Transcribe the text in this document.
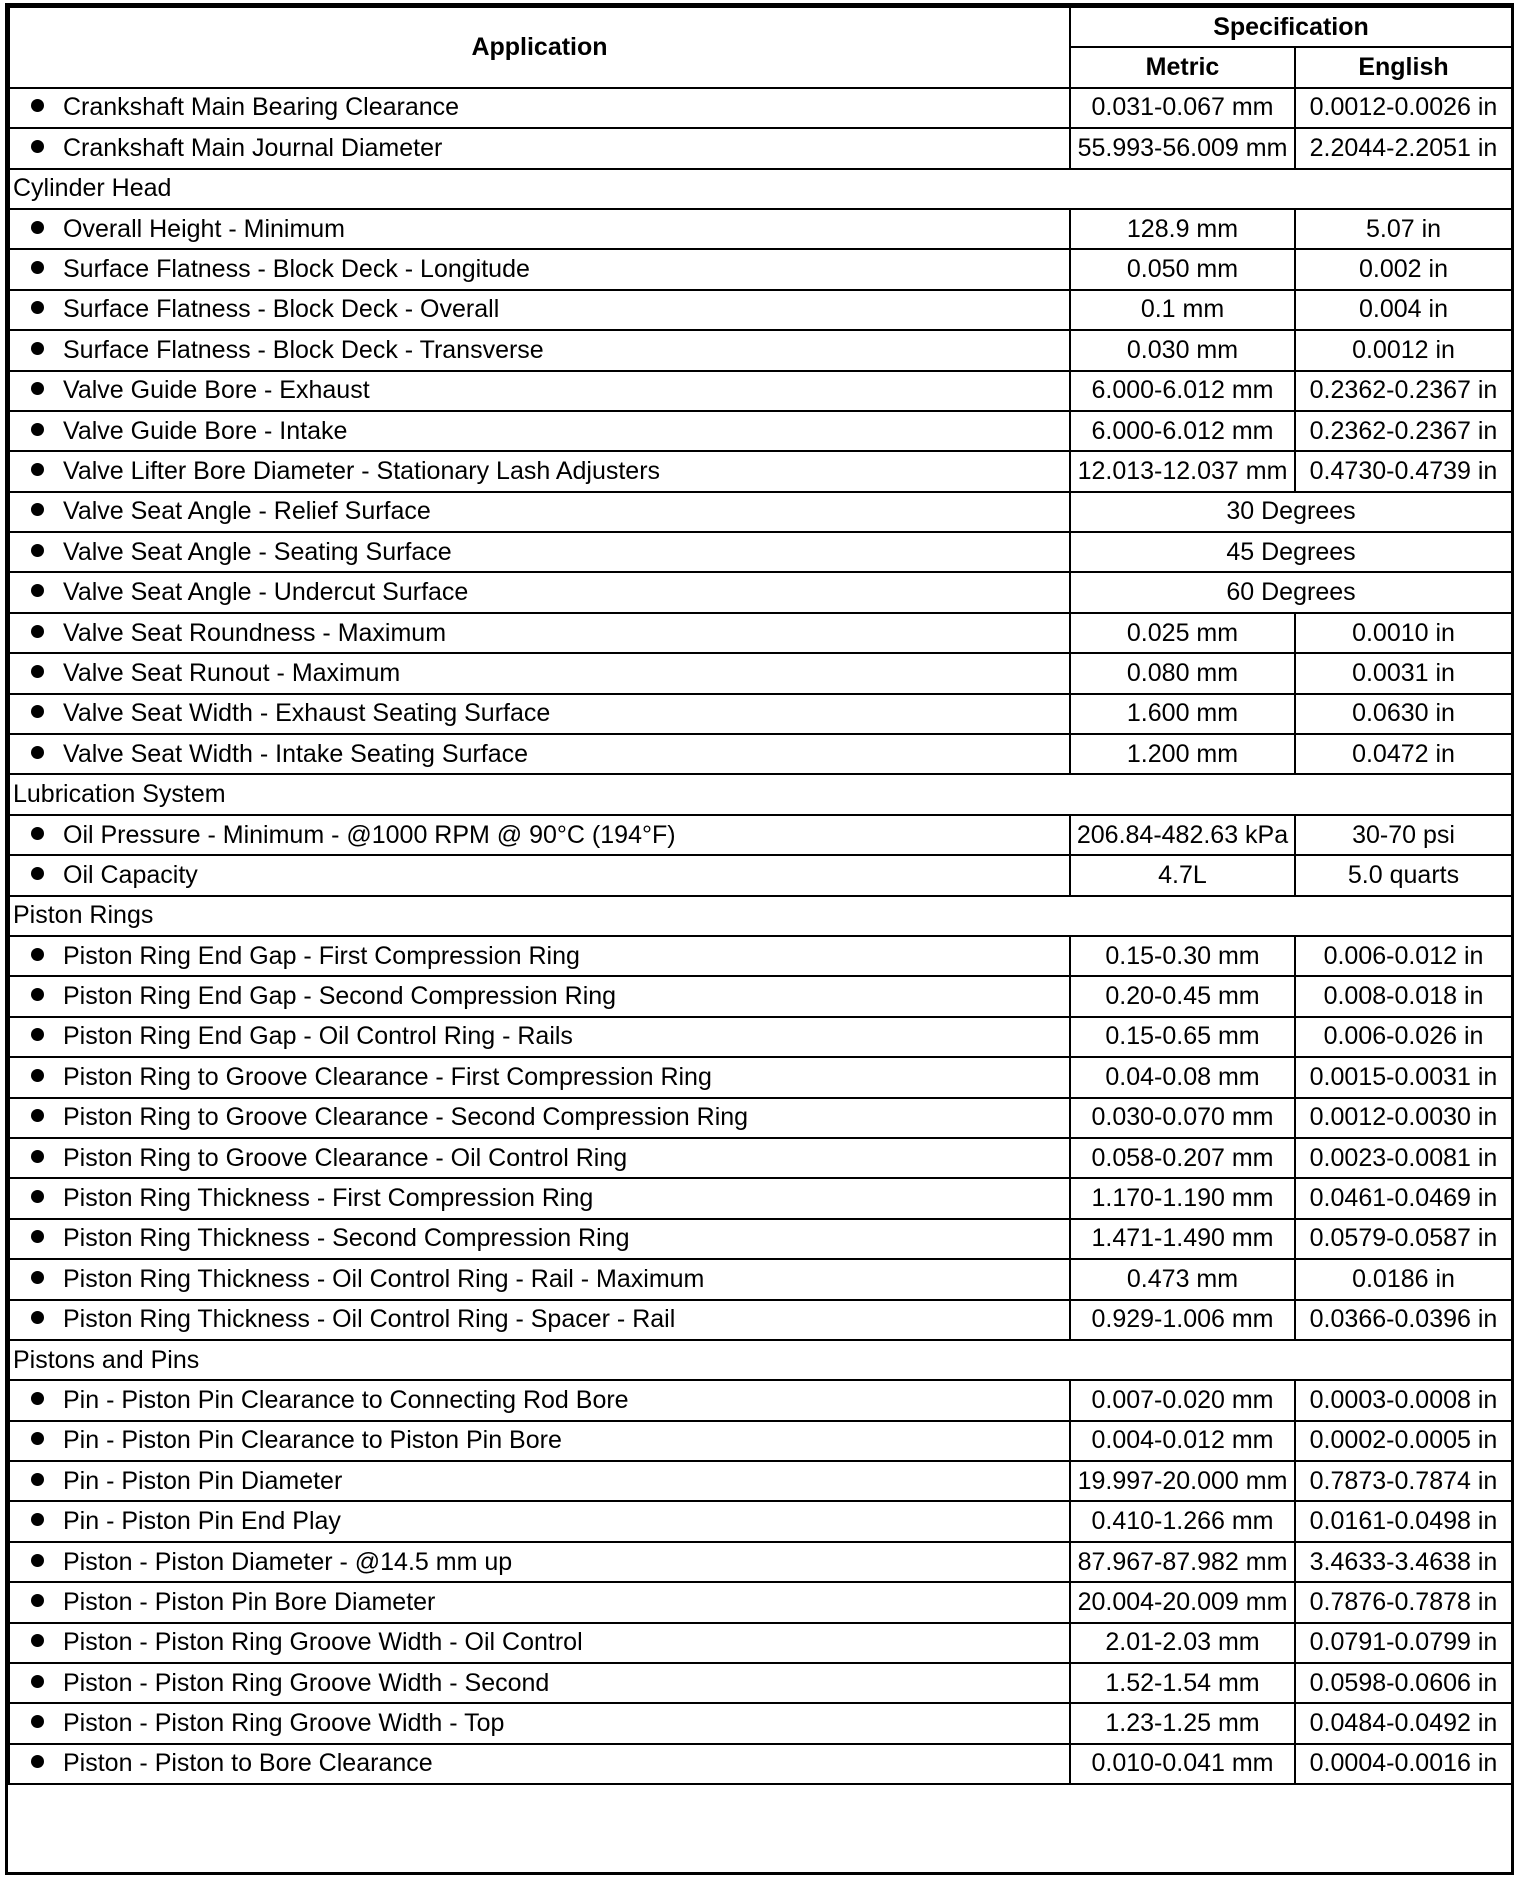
Application	Specification	
	Metric	English
Crankshaft Main Bearing Clearance	0.031-0.067 mm	0.0012-0.0026 in
Crankshaft Main Journal Diameter	55.993-56.009 mm	2.2044-2.2051 in
Cylinder Head		
Overall Height - Minimum	128.9 mm	5.07 in
Surface Flatness - Block Deck - Longitude	0.050 mm	0.002 in
Surface Flatness - Block Deck - Overall	0.1 mm	0.004 in
Surface Flatness - Block Deck - Transverse	0.030 mm	0.0012 in
Valve Guide Bore - Exhaust	6.000-6.012 mm	0.2362-0.2367 in
Valve Guide Bore - Intake	6.000-6.012 mm	0.2362-0.2367 in
Valve Lifter Bore Diameter - Stationary Lash Adjusters	12.013-12.037 mm	0.4730-0.4739 in
Valve Seat Angle - Relief Surface	30 Degrees	
Valve Seat Angle - Seating Surface	45 Degrees	
Valve Seat Angle - Undercut Surface	60 Degrees	
Valve Seat Roundness - Maximum	0.025 mm	0.0010 in
Valve Seat Runout - Maximum	0.080 mm	0.0031 in
Valve Seat Width - Exhaust Seating Surface	1.600 mm	0.0630 in
Valve Seat Width - Intake Seating Surface	1.200 mm	0.0472 in
Lubrication System		
Oil Pressure - Minimum - @1000 RPM @ 90°C (194°F)	206.84-482.63 kPa	30-70 psi
Oil Capacity	4.7L	5.0 quarts
Piston Rings		
Piston Ring End Gap - First Compression Ring	0.15-0.30 mm	0.006-0.012 in
Piston Ring End Gap - Second Compression Ring	0.20-0.45 mm	0.008-0.018 in
Piston Ring End Gap - Oil Control Ring - Rails	0.15-0.65 mm	0.006-0.026 in
Piston Ring to Groove Clearance - First Compression Ring	0.04-0.08 mm	0.0015-0.0031 in
Piston Ring to Groove Clearance - Second Compression Ring	0.030-0.070 mm	0.0012-0.0030 in
Piston Ring to Groove Clearance - Oil Control Ring	0.058-0.207 mm	0.0023-0.0081 in
Piston Ring Thickness - First Compression Ring	1.170-1.190 mm	0.0461-0.0469 in
Piston Ring Thickness - Second Compression Ring	1.471-1.490 mm	0.0579-0.0587 in
Piston Ring Thickness - Oil Control Ring - Rail - Maximum	0.473 mm	0.0186 in
Piston Ring Thickness - Oil Control Ring - Spacer - Rail	0.929-1.006 mm	0.0366-0.0396 in
Pistons and Pins		
Pin - Piston Pin Clearance to Connecting Rod Bore	0.007-0.020 mm	0.0003-0.0008 in
Pin - Piston Pin Clearance to Piston Pin Bore	0.004-0.012 mm	0.0002-0.0005 in
Pin - Piston Pin Diameter	19.997-20.000 mm	0.7873-0.7874 in
Pin - Piston Pin End Play	0.410-1.266 mm	0.0161-0.0498 in
Piston - Piston Diameter - @14.5 mm up	87.967-87.982 mm	3.4633-3.4638 in
Piston - Piston Pin Bore Diameter	20.004-20.009 mm	0.7876-0.7878 in
Piston - Piston Ring Groove Width - Oil Control	2.01-2.03 mm	0.0791-0.0799 in
Piston - Piston Ring Groove Width - Second	1.52-1.54 mm	0.0598-0.0606 in
Piston - Piston Ring Groove Width - Top	1.23-1.25 mm	0.0484-0.0492 in
Piston - Piston to Bore Clearance	0.010-0.041 mm	0.0004-0.0016 in
